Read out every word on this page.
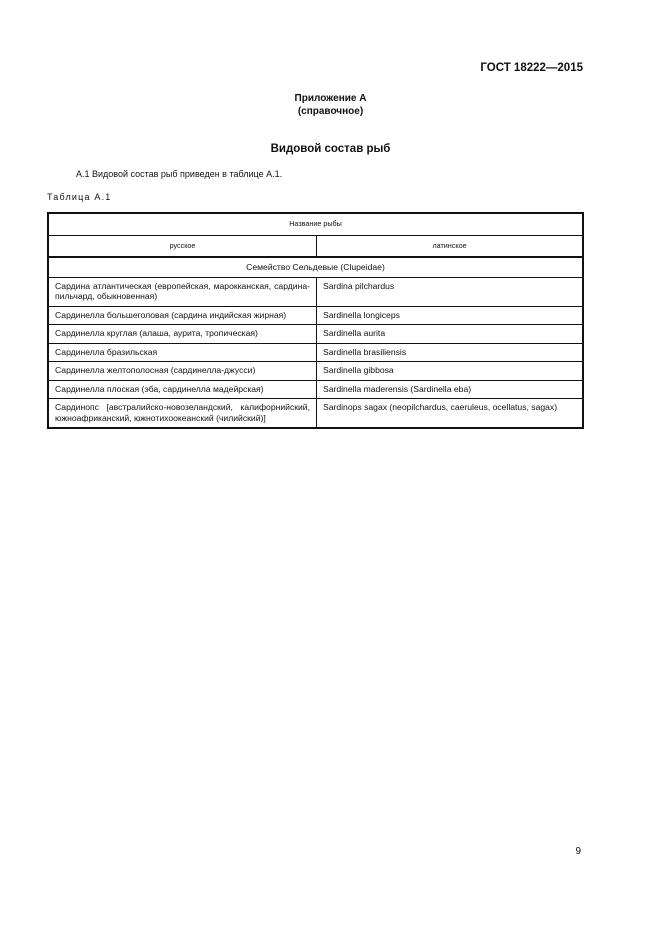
ГОСТ 18222—2015
Приложение А
(справочное)
Видовой состав рыб
А.1 Видовой состав рыб приведен в таблице А.1.
Таблица А.1
Название рыбы	
русское	латинское
Семейство Сельдевые (Clupeidae)	
Сардина атлантическая (европейская, марокканская, сардина-пильчард, обыкновенная)	Sardina pilchardus
Сардинелла большеголовая (сардина индийская жирная)	Sardinella longiceps
Сардинелла круглая (алаша, аурита, тропическая)	Sardinella aurita
Сардинелла бразильская	Sardinella brasiliensis
Сардинелла желтополосная (сардинелла-джусси)	Sardinella gibbosa
Сардинелла плоская (эба, сардинелла мадейрская)	Sardinella maderensis (Sardinella eba)
Сардинопс [австралийско-новозеландский, калифорнийский, южноафриканский, южнотихоокеанский (чилийский)]	Sardinops sagax (neopilchardus, caeruleus, ocellatus, sagax)
9
